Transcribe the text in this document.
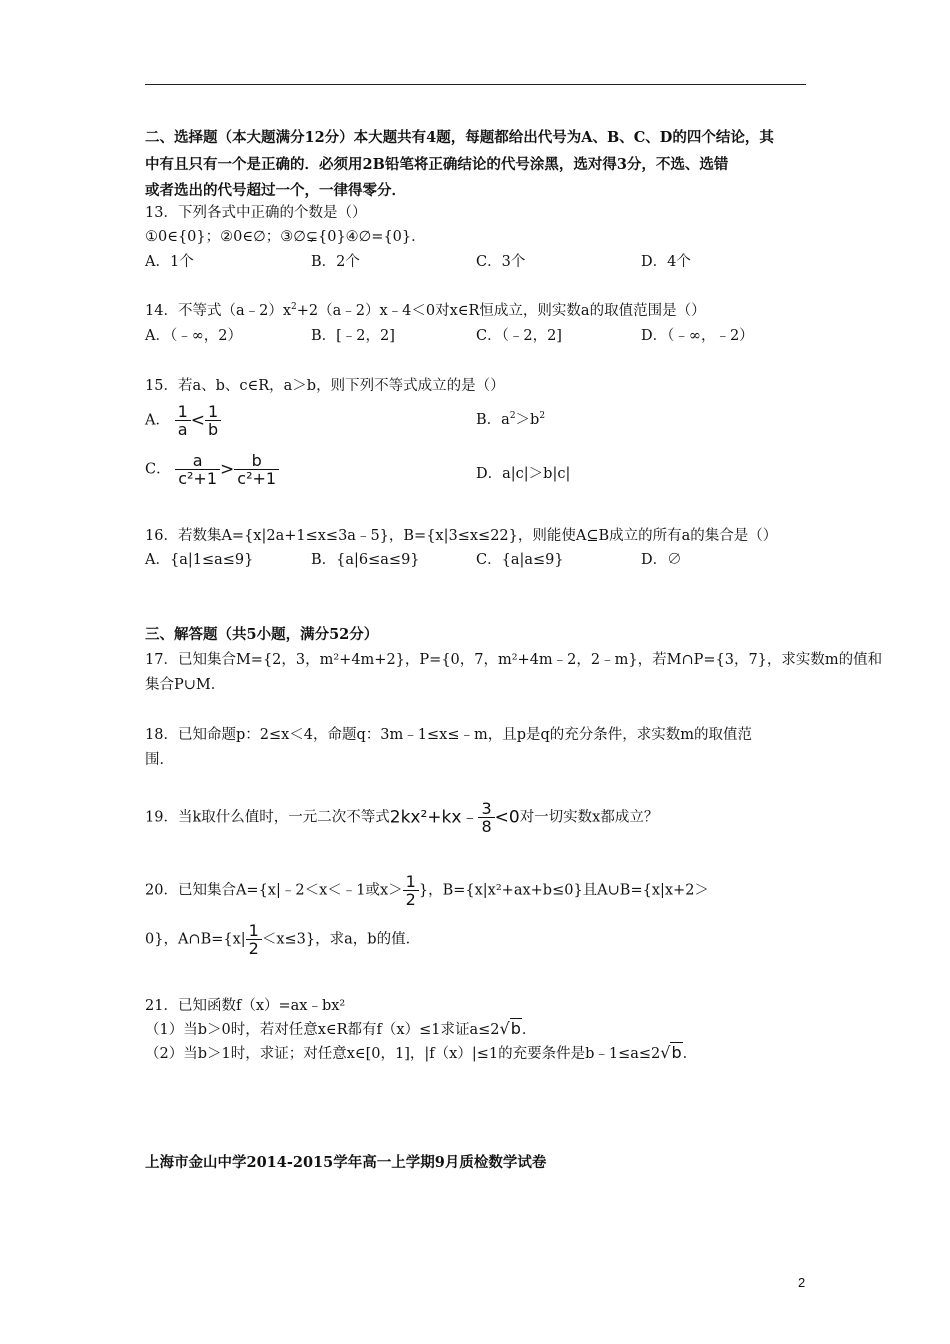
二、选择题（本大题满分12分）本大题共有4题，每题都给出代号为A、B、C、D的四个结论，其
中有且只有一个是正确的．必须用2B铅笔将正确结论的代号涂黑，选对得3分，不选、选错
或者选出的代号超过一个，一律得零分．
13．下列各式中正确的个数是（）
①0∈{0}；②0∈∅；③∅⊊{0}④∅={0}．
A．1个	B．2个	C．3个	D．4个
14．不等式$(a﹣2)x^2+2(a﹣2)x﹣4<0$对x∈R恒成立，则实数a的取值范围是（）
A．（﹣∞，2）	B．[﹣2，2]	C．（﹣2，2]	D．（﹣∞，﹣2）
15．若a、b、c∈R，a＞b，则下列不等式成立的是（）
A． $\frac{1}{a} < \frac{1}{b}$	B．$a^2>b^2$
C． $\frac{a}{\text{c²+1}} > \frac{b}{\text{c²+1}}$	D．a|c|＞b|c|
16．若数集A={x|2a+1≤x≤3a﹣5}，B={x|3≤x≤22}，则能使A⊆B成立的所有a的集合是（）
A．{a|1≤a≤9}	B．{a|6≤a≤9}	C．{a|a≤9}	D．∅
三、解答题（共5小题，满分52分）
17．已知集合M={2，3，m²+4m+2}，P={0，7，m²+4m﹣2，2﹣m}，若M∩P={3，7}，求实数m的值和
集合P∪M．
18．已知命题p：2≤x＜4，命题q：3m﹣1≤x≤﹣m，且p是q的充分条件，求实数m的取值范
围．
19．当k取什么值时，一元二次不等式2kx²+kx﹣ $\frac{3}{8} <0$对一切实数x都成立？
20．已知集合A={x|﹣2＜x＜﹣1或$x> \frac{1}{2}$ }，B={x|x²+ax+b≤0}且A∪B={x|x+2＞
0}，A∩B={x| $\frac{1}{2} <x\le 3$}，求a，b的值．
21．已知函数f（x）=ax﹣bx²
（1）当b＞0时，若对任意x∈R都有f（x）≤1求证a≤2√b．
（2）当b＞1时，求证；对任意x∈[0，1]，|f（x）|≤1的充要条件是b﹣1≤a≤2√b．
上海市金山中学2014-2015学年高一上学期9月质检数学试卷
2
